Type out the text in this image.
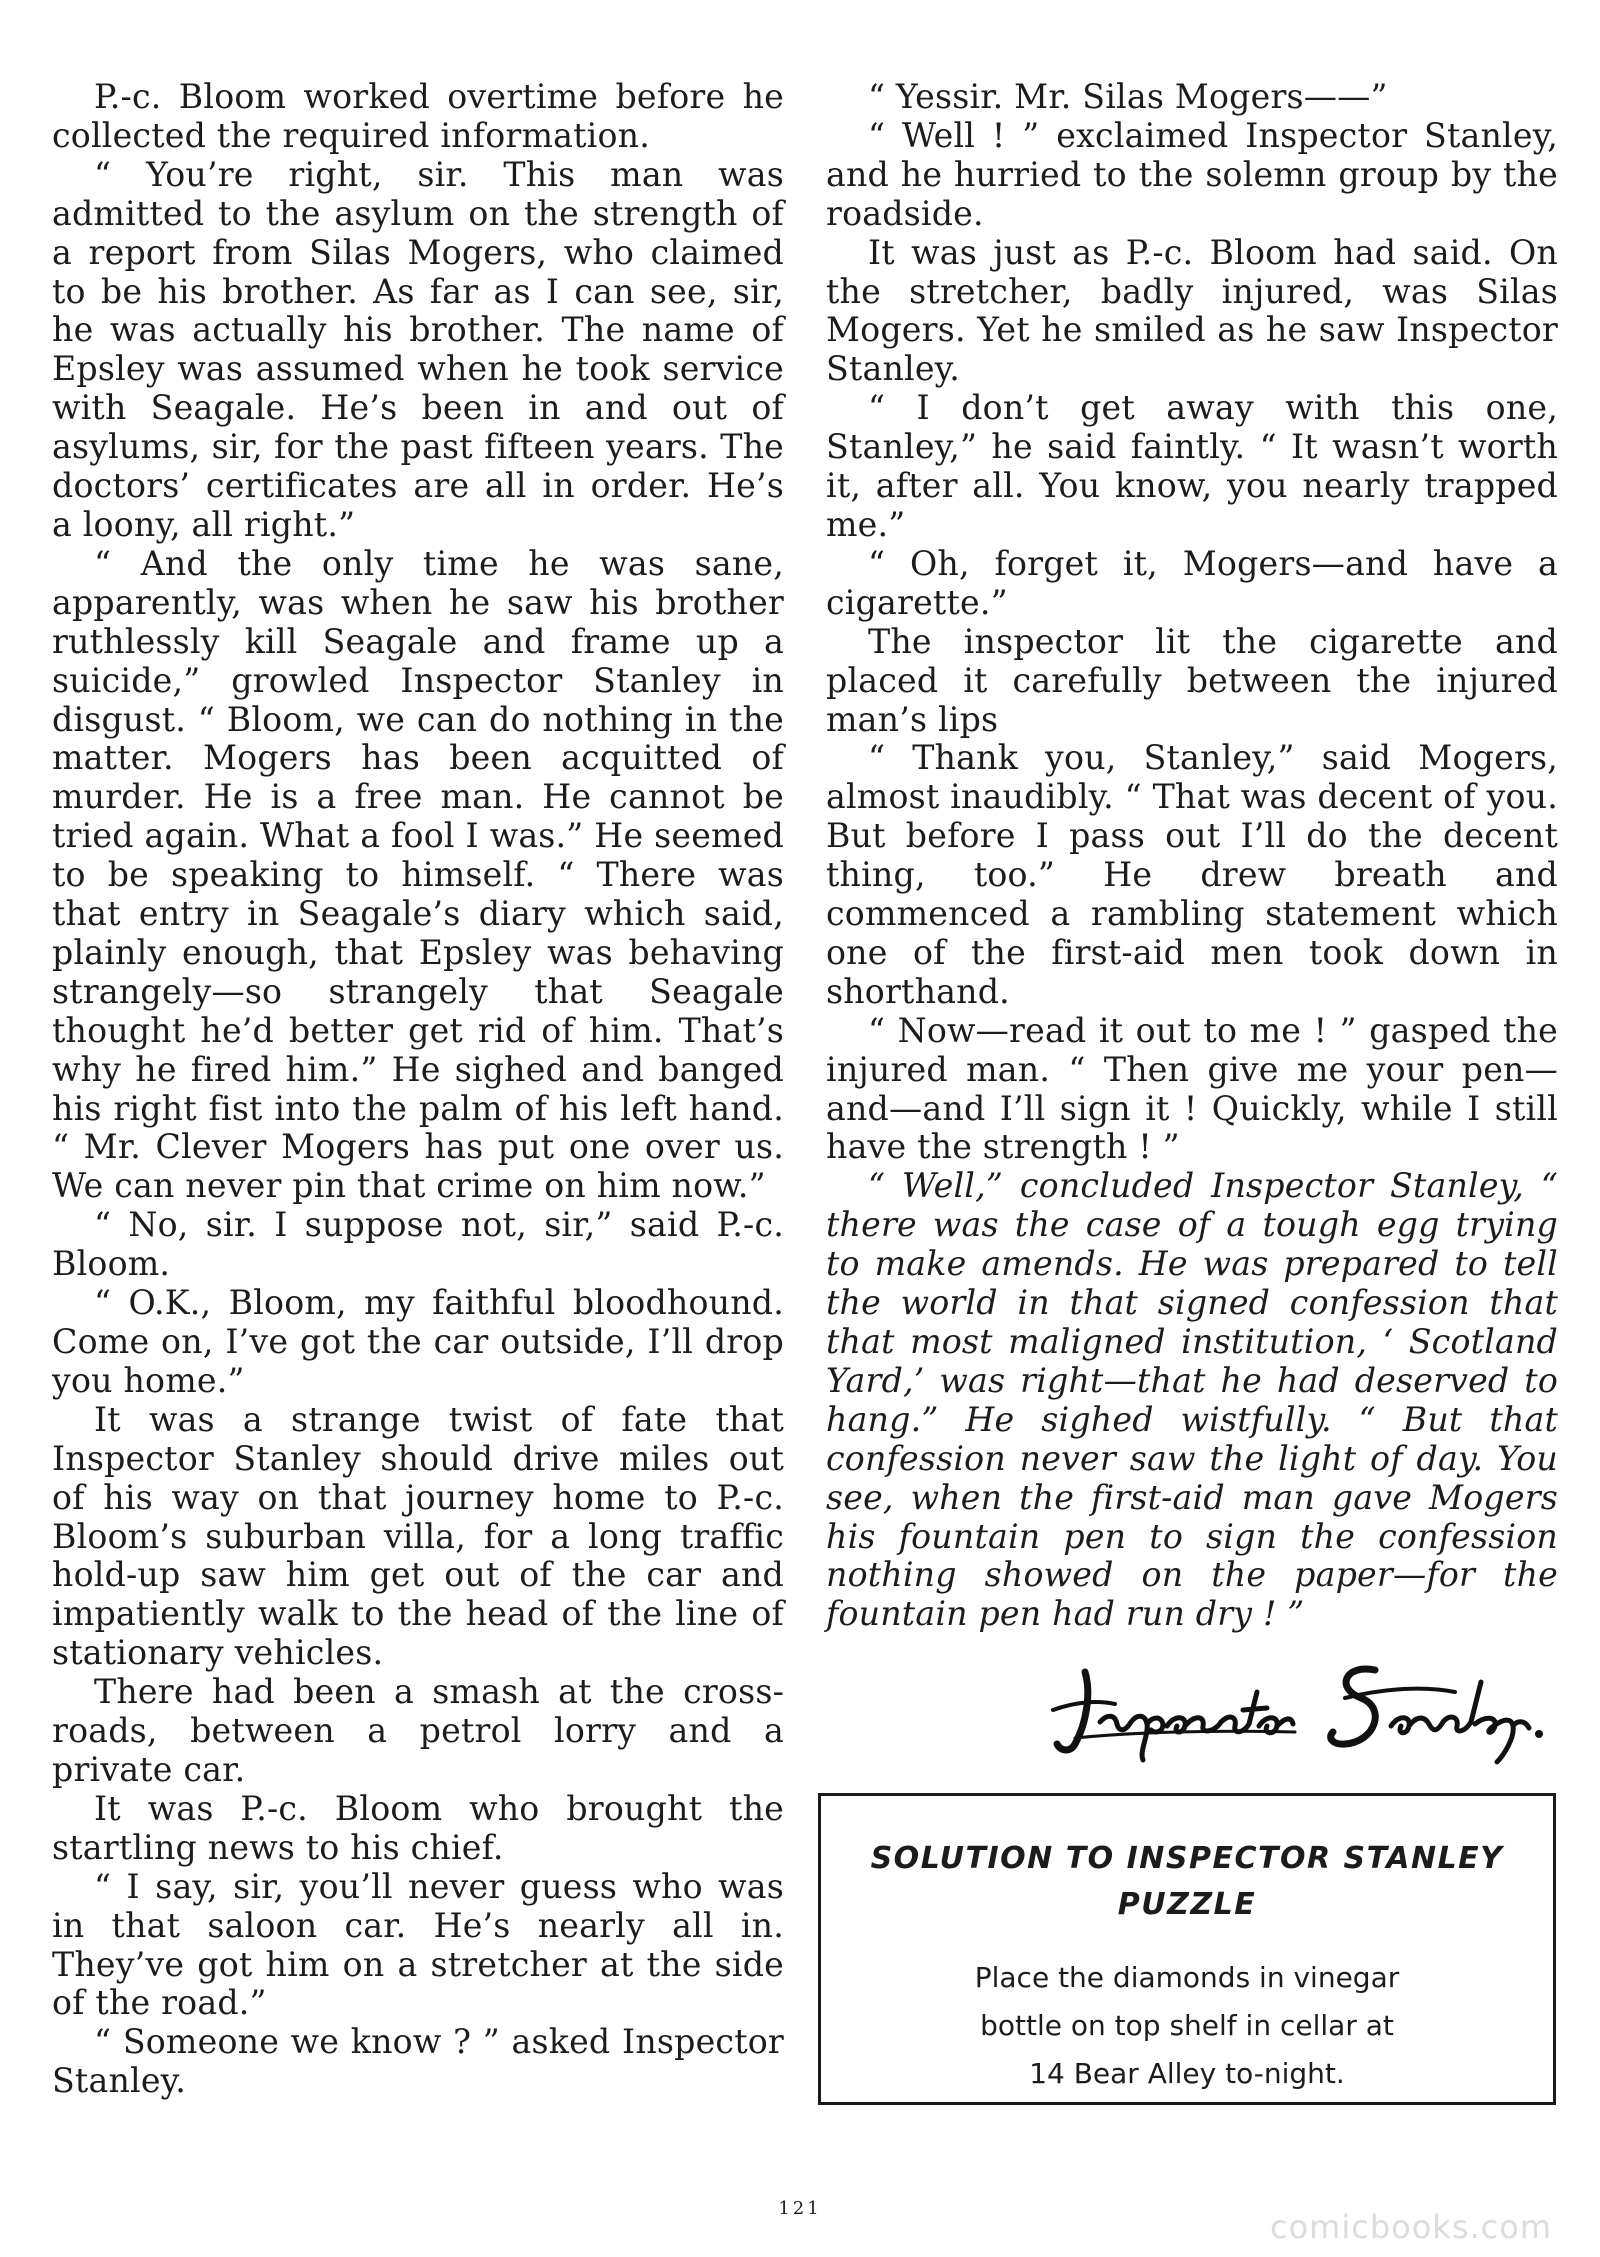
P.-c. Bloom worked overtime before he collected the required information.

“ You’re right, sir. This man was admitted to the asylum on the strength of a report from Silas Mogers, who claimed to be his brother. As far as I can see, sir, he was actually his brother. The name of Epsley was assumed when he took service with Seagale. He’s been in and out of asylums, sir, for the past fifteen years. The doctors’ certificates are all in order. He’s a loony, all right.”

“ And the only time he was sane, apparently, was when he saw his brother ruthlessly kill Seagale and frame up a suicide,” growled Inspector Stanley in disgust. “ Bloom, we can do nothing in the matter. Mogers has been acquitted of murder. He is a free man. He cannot be tried again. What a fool I was.” He seemed to be speaking to himself. “ There was that entry in Seagale’s diary which said, plainly enough, that Epsley was behaving strangely—so strangely that Seagale thought he’d better get rid of him. That’s why he fired him.” He sighed and banged his right fist into the palm of his left hand. “ Mr. Clever Mogers has put one over us. We can never pin that crime on him now.”

“ No, sir. I suppose not, sir,” said P.-c. Bloom.

“ O.K., Bloom, my faithful bloodhound. Come on, I’ve got the car outside, I’ll drop you home.”

It was a strange twist of fate that Inspector Stanley should drive miles out of his way on that journey home to P.-c. Bloom’s suburban villa, for a long traffic hold-up saw him get out of the car and impatiently walk to the head of the line of stationary vehicles.

There had been a smash at the cross-roads, between a petrol lorry and a private car.

It was P.-c. Bloom who brought the startling news to his chief.

“ I say, sir, you’ll never guess who was in that saloon car. He’s nearly all in. They’ve got him on a stretcher at the side of the road.”

“ Someone we know ? ” asked Inspector Stanley.

“ Yessir. Mr. Silas Mogers——”

“ Well ! ” exclaimed Inspector Stanley, and he hurried to the solemn group by the roadside.

It was just as P.-c. Bloom had said. On the stretcher, badly injured, was Silas Mogers. Yet he smiled as he saw Inspector Stanley.

“ I don’t get away with this one, Stanley,” he said faintly. “ It wasn’t worth it, after all. You know, you nearly trapped me.”

“ Oh, forget it, Mogers—and have a cigarette.”

The inspector lit the cigarette and placed it carefully between the injured man’s lips

“ Thank you, Stanley,” said Mogers, almost inaudibly. “ That was decent of you. But before I pass out I’ll do the decent thing, too.” He drew breath and commenced a rambling statement which one of the first-aid men took down in shorthand.

“ Now—read it out to me ! ” gasped the injured man. “ Then give me your pen—and—and I’ll sign it ! Quickly, while I still have the strength ! ”

“ Well,” concluded Inspector Stanley, “ there was the case of a tough egg trying to make amends. He was prepared to tell the world in that signed confession that that most maligned institution, ‘ Scotland Yard,’ was right—that he had deserved to hang.” He sighed wistfully. “ But that confession never saw the light of day. You see, when the first-aid man gave Mogers his fountain pen to sign the confession nothing showed on the paper—for the fountain pen had run dry ! ”

Inspector Stanley
SOLUTION TO INSPECTOR STANLEY
PUZZLE
Place the diamonds in vinegar
bottle on top shelf in cellar at
14 Bear Alley to-night.
121	comicbooks.com
